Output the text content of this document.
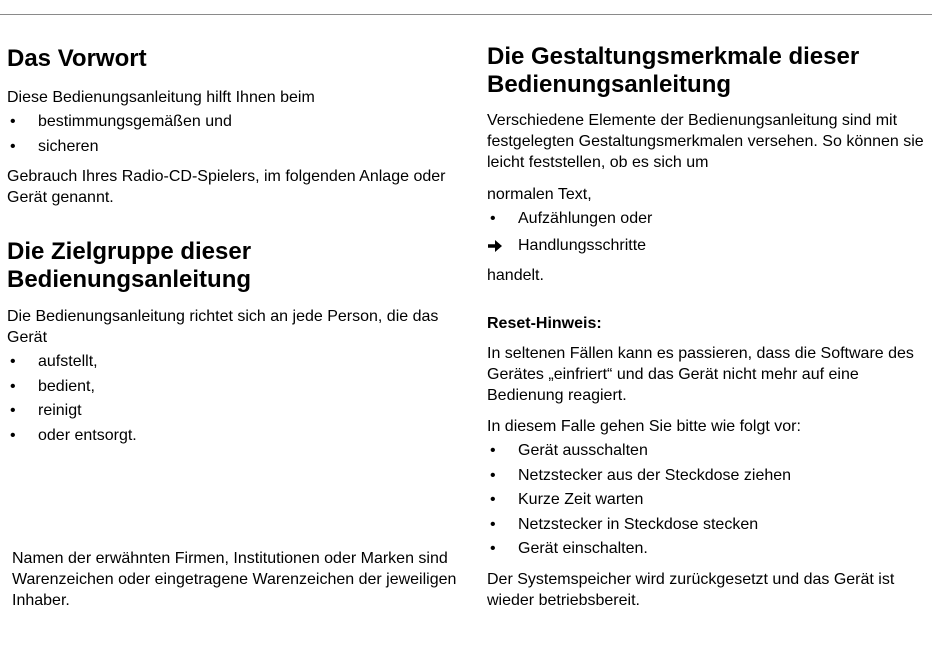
Das Vorwort

Diese Bedienungsanleitung hilft Ihnen beim

• bestimmungsgemäßen und
• sicheren

Gebrauch Ihres Radio-CD-Spielers, im folgenden Anlage oder Gerät genannt.

Die Zielgruppe dieser Bedienungsanleitung

Die Bedienungsanleitung richtet sich an jede Person, die das Gerät

• aufstellt,
• bedient,
• reinigt
• oder entsorgt.

Namen der erwähnten Firmen, Institutionen oder Marken sind Warenzeichen oder eingetragene Warenzeichen der jeweiligen Inhaber.

Die Gestaltungsmerkmale dieser Bedienungsanleitung

Verschiedene Elemente der Bedienungsanleitung sind mit festgelegten Gestaltungsmerkmalen versehen. So können sie leicht feststellen, ob es sich um

normalen Text,

• Aufzählungen oder
Handlungsschritte

handelt.

Reset-Hinweis:

In seltenen Fällen kann es passieren, dass die Software des Gerätes „einfriert“ und das Gerät nicht mehr auf eine Bedienung reagiert.

In diesem Falle gehen Sie bitte wie folgt vor:

• Gerät ausschalten
• Netzstecker aus der Steckdose ziehen
• Kurze Zeit warten
• Netzstecker in Steckdose stecken
• Gerät einschalten.

Der Systemspeicher wird zurückgesetzt und das Gerät ist wieder betriebsbereit.
